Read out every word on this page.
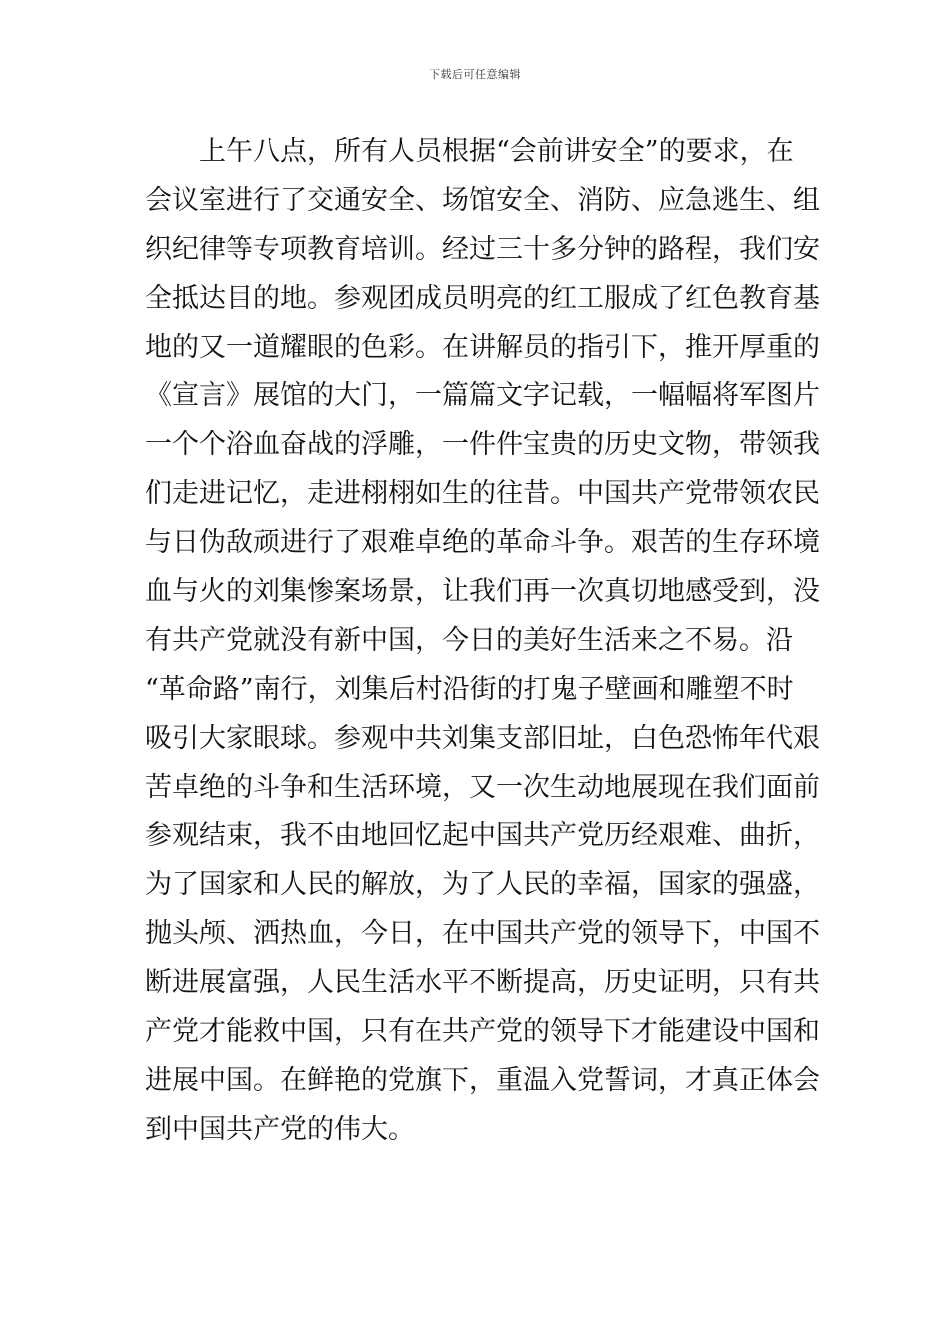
下载后可任意编辑
　　上午八点，所有人员根据“会前讲安全”的要求，在
会议室进行了交通安全、场馆安全、消防、应急逃生、组
织纪律等专项教育培训。经过三十多分钟的路程，我们安
全抵达目的地。参观团成员明亮的红工服成了红色教育基
地的又一道耀眼的色彩。在讲解员的指引下，推开厚重的
《宣言》展馆的大门，一篇篇文字记载，一幅幅将军图片
一个个浴血奋战的浮雕，一件件宝贵的历史文物，带领我
们走进记忆，走进栩栩如生的往昔。中国共产党带领农民
与日伪敌顽进行了艰难卓绝的革命斗争。艰苦的生存环境
血与火的刘集惨案场景，让我们再一次真切地感受到，没
有共产党就没有新中国，今日的美好生活来之不易。沿
“革命路”南行，刘集后村沿街的打鬼子壁画和雕塑不时
吸引大家眼球。参观中共刘集支部旧址，白色恐怖年代艰
苦卓绝的斗争和生活环境，又一次生动地展现在我们面前
参观结束，我不由地回忆起中国共产党历经艰难、曲折，
为了国家和人民的解放，为了人民的幸福，国家的强盛，
抛头颅、洒热血，今日，在中国共产党的领导下，中国不
断进展富强，人民生活水平不断提高，历史证明，只有共
产党才能救中国，只有在共产党的领导下才能建设中国和
进展中国。在鲜艳的党旗下，重温入党誓词，才真正体会
到中国共产党的伟大。
